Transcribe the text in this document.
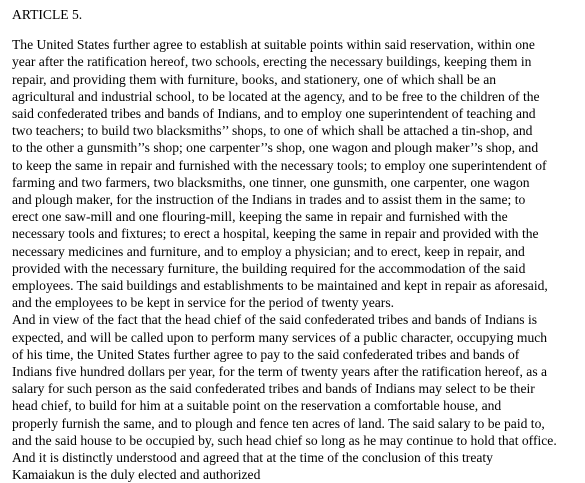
ARTICLE 5.
The United States further agree to establish at suitable points within said reservation, within one
year after the ratification hereof, two schools, erecting the necessary buildings, keeping them in
repair, and providing them with furniture, books, and stationery, one of which shall be an
agricultural and industrial school, to be located at the agency, and to be free to the children of the
said confederated tribes and bands of Indians, and to employ one superintendent of teaching and
two teachers; to build two blacksmiths’’ shops, to one of which shall be attached a tin-shop, and
to the other a gunsmith’’s shop; one carpenter’’s shop, one wagon and plough maker’’s shop, and
to keep the same in repair and furnished with the necessary tools; to employ one superintendent of
farming and two farmers, two blacksmiths, one tinner, one gunsmith, one carpenter, one wagon
and plough maker, for the instruction of the Indians in trades and to assist them in the same; to
erect one saw-mill and one flouring-mill, keeping the same in repair and furnished with the
necessary tools and fixtures; to erect a hospital, keeping the same in repair and provided with the
necessary medicines and furniture, and to employ a physician; and to erect, keep in repair, and
provided with the necessary furniture, the building required for the accommodation of the said
employees. The said buildings and establishments to be maintained and kept in repair as aforesaid,
and the employees to be kept in service for the period of twenty years.
And in view of the fact that the head chief of the said confederated tribes and bands of Indians is
expected, and will be called upon to perform many services of a public character, occupying much
of his time, the United States further agree to pay to the said confederated tribes and bands of
Indians five hundred dollars per year, for the term of twenty years after the ratification hereof, as a
salary for such person as the said confederated tribes and bands of Indians may select to be their
head chief, to build for him at a suitable point on the reservation a comfortable house, and
properly furnish the same, and to plough and fence ten acres of land. The said salary to be paid to,
and the said house to be occupied by, such head chief so long as he may continue to hold that office.
And it is distinctly understood and agreed that at the time of the conclusion of this treaty
Kamaiakun is the duly elected and authorized
